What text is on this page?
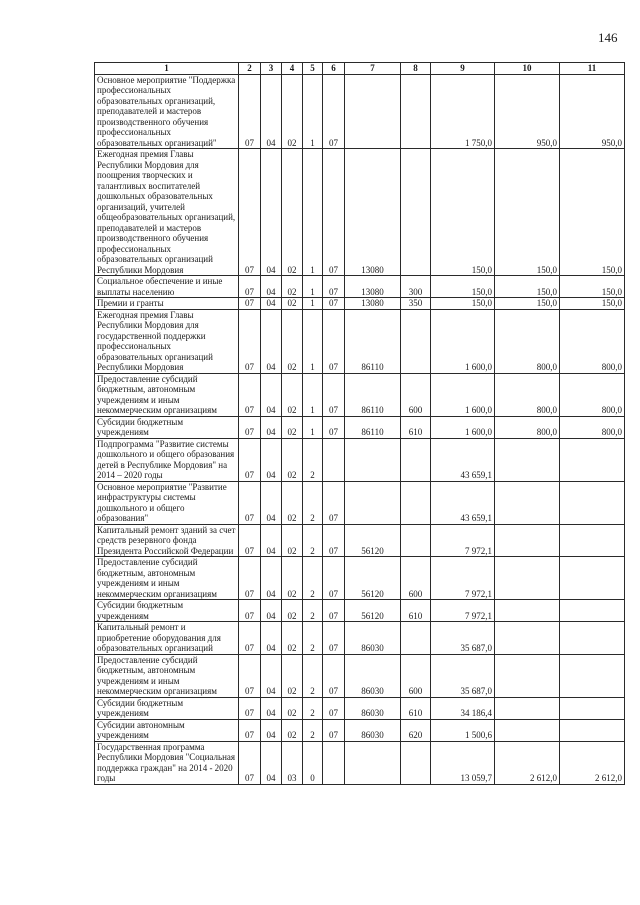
146
1	2	3	4	5	6	7	8	9	10	11
Основное мероприятие "Поддержка профессиональных образовательных организаций, преподавателей и мастеров производственного обучения профессиональных образовательных организаций"	07	04	02	1	07			1 750,0	950,0	950,0
Ежегодная премия Главы Республики Мордовия для поощрения творческих и талантливых воспитателей дошкольных образовательных организаций, учителей общеобразовательных организаций, преподавателей и мастеров производственного обучения профессиональных образовательных организаций Республики Мордовия	07	04	02	1	07	13080		150,0	150,0	150,0
Социальное обеспечение и иные выплаты населению	07	04	02	1	07	13080	300	150,0	150,0	150,0
Премии и гранты	07	04	02	1	07	13080	350	150,0	150,0	150,0
Ежегодная премия Главы Республики Мордовия для государственной поддержки профессиональных образовательных организаций Республики Мордовия	07	04	02	1	07	86110		1 600,0	800,0	800,0
Предоставление субсидий бюджетным, автономным учреждениям и иным некоммерческим организациям	07	04	02	1	07	86110	600	1 600,0	800,0	800,0
Субсидии бюджетным учреждениям	07	04	02	1	07	86110	610	1 600,0	800,0	800,0
Подпрограмма "Развитие системы дошкольного и общего образования детей в Республике Мордовия" на 2014 – 2020 годы	07	04	02	2				43 659,1		
Основное мероприятие "Развитие инфраструктуры системы дошкольного и общего образования"	07	04	02	2	07			43 659,1		
Капитальный ремонт зданий за счет средств резервного фонда Президента Российской Федерации	07	04	02	2	07	56120		7 972,1		
Предоставление субсидий бюджетным, автономным учреждениям и иным некоммерческим организациям	07	04	02	2	07	56120	600	7 972,1		
Субсидии бюджетным учреждениям	07	04	02	2	07	56120	610	7 972,1		
Капитальный ремонт и приобретение оборудования для образовательных организаций	07	04	02	2	07	86030		35 687,0		
Предоставление субсидий бюджетным, автономным учреждениям и иным некоммерческим организациям	07	04	02	2	07	86030	600	35 687,0		
Субсидии бюджетным учреждениям	07	04	02	2	07	86030	610	34 186,4		
Субсидии автономным учреждениям	07	04	02	2	07	86030	620	1 500,6		
Государственная программа Республики Мордовия "Социальная поддержка граждан" на 2014 - 2020 годы	07	04	03	0				13 059,7	2 612,0	2 612,0
